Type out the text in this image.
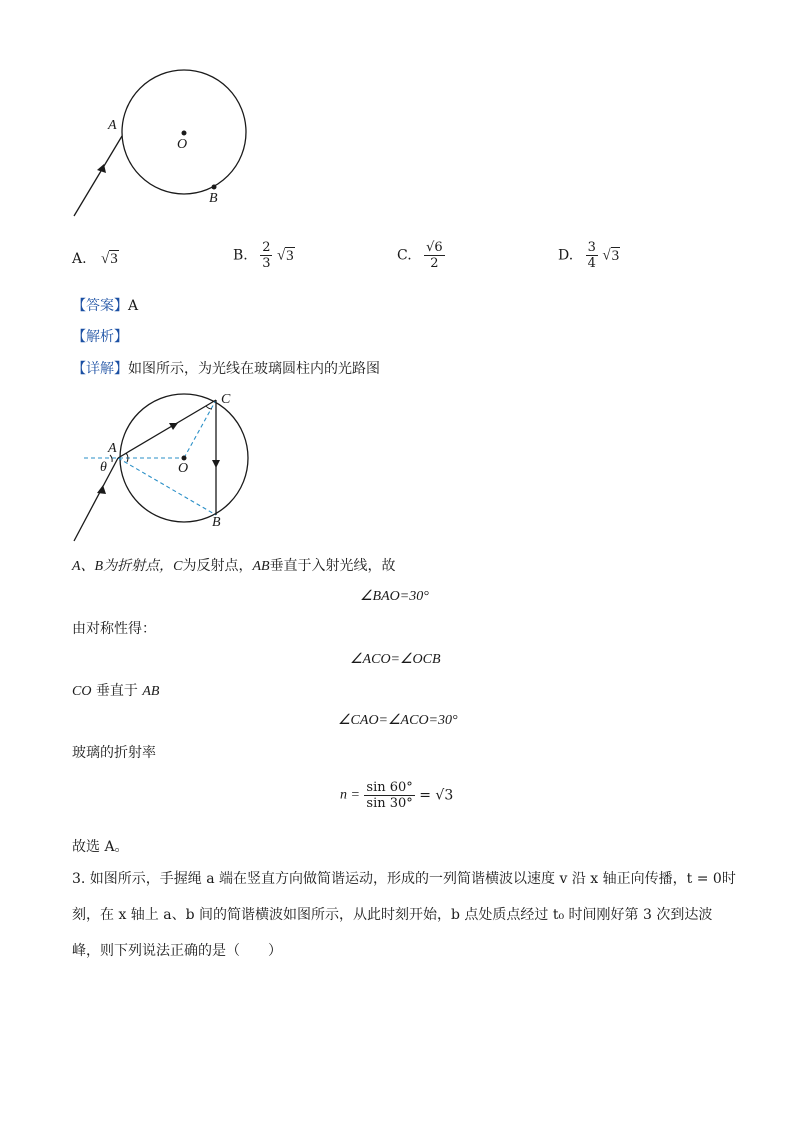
A
O
B
A. √3	B. $\frac{2}{3} √3$	C. $\frac{√6}{2}$	D. $\frac{3}{4} √3$
【答案】A
【解析】
【详解】如图所示，为光线在玻璃圆柱内的光路图
A
θ	O
C
B
A、B为折射点，C为反射点，AB垂直于入射光线，故
∠BAO=30°
由对称性得：
∠ACO=∠OCB
CO 垂直于 AB
∠CAO=∠ACO=30°
玻璃的折射率
$n = \frac{\sin 60^\circ}{\sin 30^\circ} = √3$
故选 A。
3. 如图所示，手握绳 a 端在竖直方向做简谐运动，形成的一列简谐横波以速度 v 沿 x 轴正向传播，t = 0时
刻，在 x 轴上 a、b 间的简谐横波如图所示，从此时刻开始，b 点处质点经过 t₀ 时间刚好第 3 次到达波
峰，则下列说法正确的是（　　）
